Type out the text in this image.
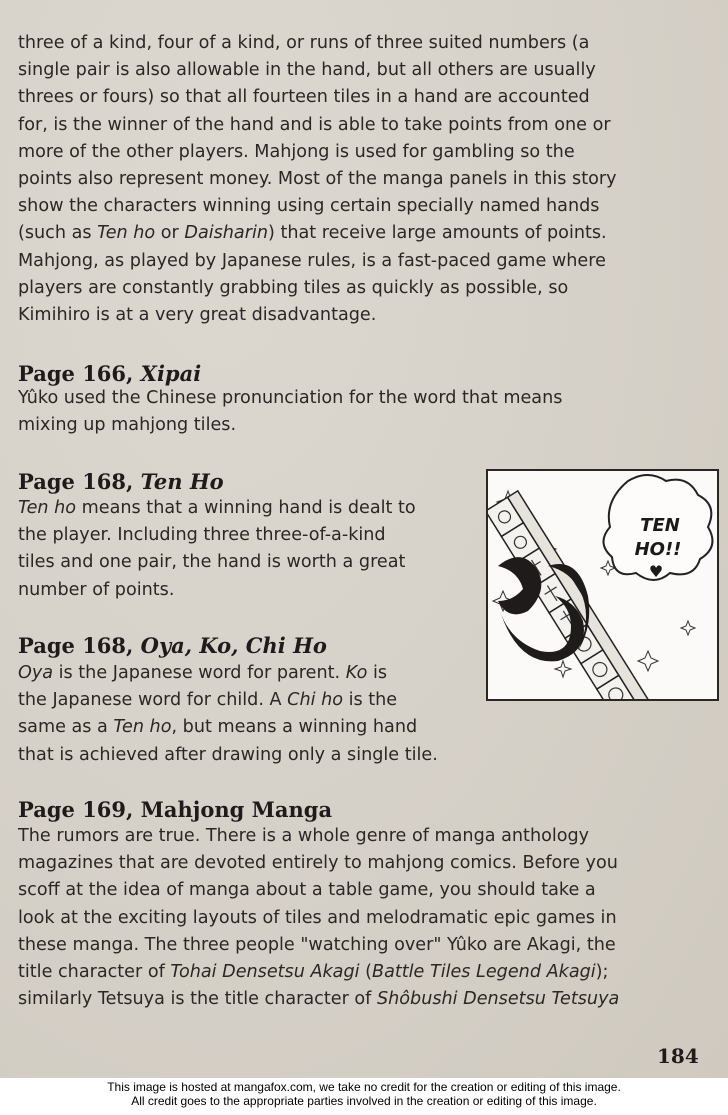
three of a kind, four of a kind, or runs of three suited numbers (a
single pair is also allowable in the hand, but all others are usually
threes or fours) so that all fourteen tiles in a hand are accounted
for, is the winner of the hand and is able to take points from one or
more of the other players. Mahjong is used for gambling so the
points also represent money. Most of the manga panels in this story
show the characters winning using certain specially named hands
(such as Ten ho or Daisharin) that receive large amounts of points.
Mahjong, as played by Japanese rules, is a fast-paced game where
players are constantly grabbing tiles as quickly as possible, so
Kimihiro is at a very great disadvantage.
Page 166, Xipai
Yûko used the Chinese pronunciation for the word that means
mixing up mahjong tiles.
Page 168, Ten Ho
Ten ho means that a winning hand is dealt to
the player. Including three three-of-a-kind
tiles and one pair, the hand is worth a great
number of points.
Page 168, Oya, Ko, Chi Ho
Oya is the Japanese word for parent. Ko is
the Japanese word for child. A Chi ho is the
same as a Ten ho, but means a winning hand
that is achieved after drawing only a single tile.
Page 169, Mahjong Manga
The rumors are true. There is a whole genre of manga anthology
magazines that are devoted entirely to mahjong comics. Before you
scoff at the idea of manga about a table game, you should take a
look at the exciting layouts of tiles and melodramatic epic games in
these manga. The three people "watching over" Yûko are Akagi, the
title character of Tohai Densetsu Akagi (Battle Tiles Legend Akagi);
similarly Tetsuya is the title character of Shôbushi Densetsu Tetsuya
TEN
HO!!
♥
184
This image is hosted at mangafox.com, we take no credit for the creation or editing of this image.
All credit goes to the appropriate parties involved in the creation or editing of this image.
